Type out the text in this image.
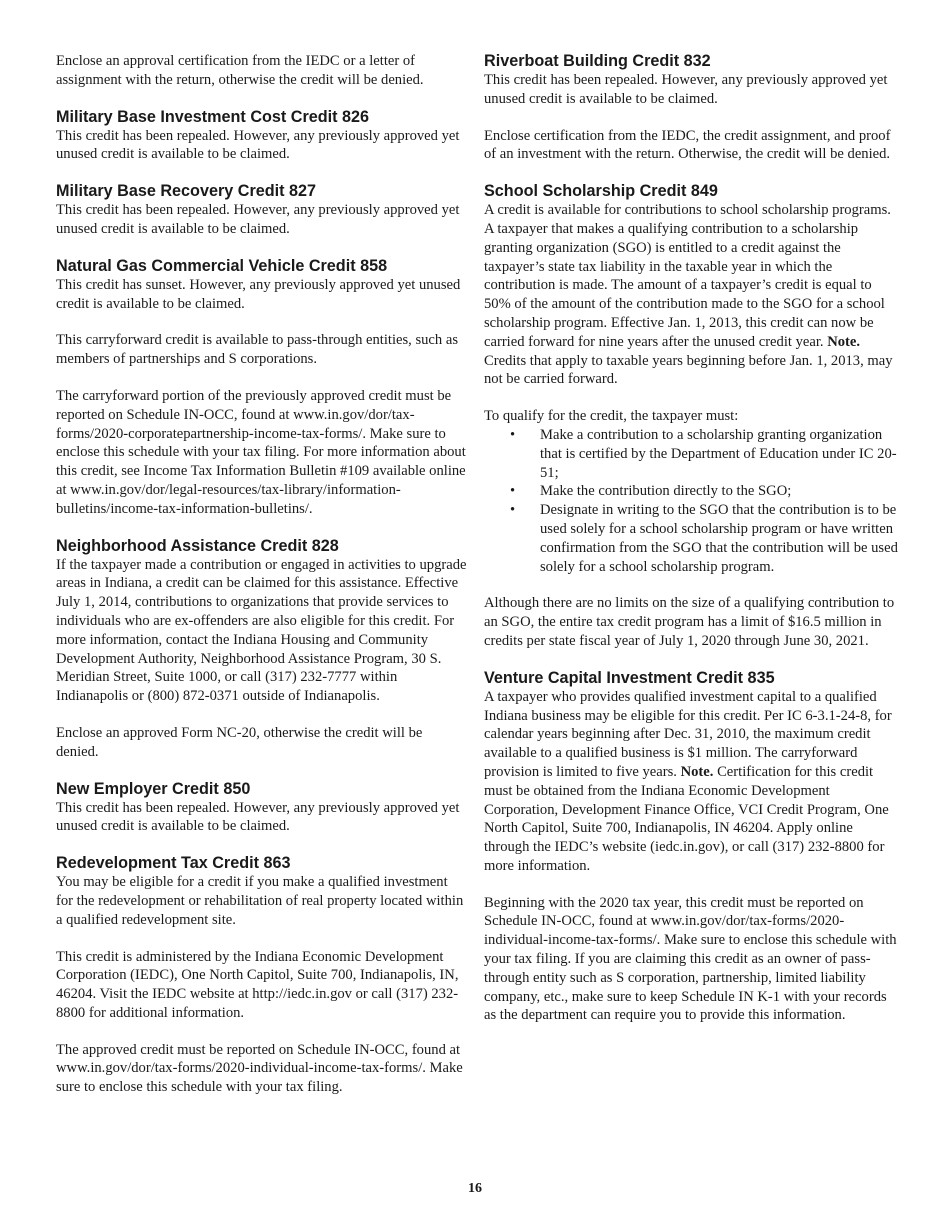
Enclose an approval certification from the IEDC or a letter of assignment with the return, otherwise the credit will be denied.

Military Base Investment Cost Credit 826

This credit has been repealed. However, any previously approved yet unused credit is available to be claimed.

Military Base Recovery Credit 827

This credit has been repealed. However, any previously approved yet unused credit is available to be claimed.

Natural Gas Commercial Vehicle Credit 858

This credit has sunset. However, any previously approved yet unused credit is available to be claimed.

This carryforward credit is available to pass-through entities, such as members of partnerships and S corporations.

The carryforward portion of the previously approved credit must be reported on Schedule IN-OCC, found at www.in.gov/dor/tax-forms/2020-corporatepartnership-income-tax-forms/. Make sure to enclose this schedule with your tax filing. For more information about this credit, see Income Tax Information Bulletin #109 available online at www.in.gov/dor/legal-resources/tax-library/information-bulletins/income-tax-information-bulletins/.

Neighborhood Assistance Credit 828

If the taxpayer made a contribution or engaged in activities to upgrade areas in Indiana, a credit can be claimed for this assistance. Effective July 1, 2014, contributions to organizations that provide services to individuals who are ex-offenders are also eligible for this credit. For more information, contact the Indiana Housing and Community Development Authority, Neighborhood Assistance Program, 30 S. Meridian Street, Suite 1000, or call (317) 232-7777 within Indianapolis or (800) 872-0371 outside of Indianapolis.

Enclose an approved Form NC-20, otherwise the credit will be denied.

New Employer Credit 850

This credit has been repealed. However, any previously approved yet unused credit is available to be claimed.

Redevelopment Tax Credit 863

You may be eligible for a credit if you make a qualified investment for the redevelopment or rehabilitation of real property located within a qualified redevelopment site.

This credit is administered by the Indiana Economic Development Corporation (IEDC), One North Capitol, Suite 700, Indianapolis, IN, 46204. Visit the IEDC website at http://iedc.in.gov or call (317) 232- 8800 for additional information.

The approved credit must be reported on Schedule IN-OCC, found at www.in.gov/dor/tax-forms/2020-individual-income-tax-forms/. Make sure to enclose this schedule with your tax filing.

Riverboat Building Credit 832

This credit has been repealed. However, any previously approved yet unused credit is available to be claimed.

Enclose certification from the IEDC, the credit assignment, and proof of an investment with the return. Otherwise, the credit will be denied.

School Scholarship Credit 849

A credit is available for contributions to school scholarship programs. A taxpayer that makes a qualifying contribution to a scholarship granting organization (SGO) is entitled to a credit against the taxpayer’s state tax liability in the taxable year in which the contribution is made. The amount of a taxpayer’s credit is equal to 50% of the amount of the contribution made to the SGO for a school scholarship program. Effective Jan. 1, 2013, this credit can now be carried forward for nine years after the unused credit year. Note. Credits that apply to taxable years beginning before Jan. 1, 2013, may not be carried forward.

To qualify for the credit, the taxpayer must:

• Make a contribution to a scholarship granting organization that is certified by the Department of Education under IC 20-51;
• Make the contribution directly to the SGO;
• Designate in writing to the SGO that the contribution is to be used solely for a school scholarship program or have written confirmation from the SGO that the contribution will be used solely for a school scholarship program.

Although there are no limits on the size of a qualifying contribution to an SGO, the entire tax credit program has a limit of $16.5 million in credits per state fiscal year of July 1, 2020 through June 30, 2021.

Venture Capital Investment Credit 835

A taxpayer who provides qualified investment capital to a qualified Indiana business may be eligible for this credit. Per IC 6-3.1-24-8, for calendar years beginning after Dec. 31, 2010, the maximum credit available to a qualified business is $1 million. The carryforward provision is limited to five years. Note. Certification for this credit must be obtained from the Indiana Economic Development Corporation, Development Finance Office, VCI Credit Program, One North Capitol, Suite 700, Indianapolis, IN 46204. Apply online through the IEDC’s website (iedc.in.gov), or call (317) 232-8800 for more information.

Beginning with the 2020 tax year, this credit must be reported on Schedule IN-OCC, found at www.in.gov/dor/tax-forms/2020-individual-income-tax-forms/. Make sure to enclose this schedule with your tax filing. If you are claiming this credit as an owner of pass-through entity such as S corporation, partnership, limited liability company, etc., make sure to keep Schedule IN K-1 with your records as the department can require you to provide this information.

16
